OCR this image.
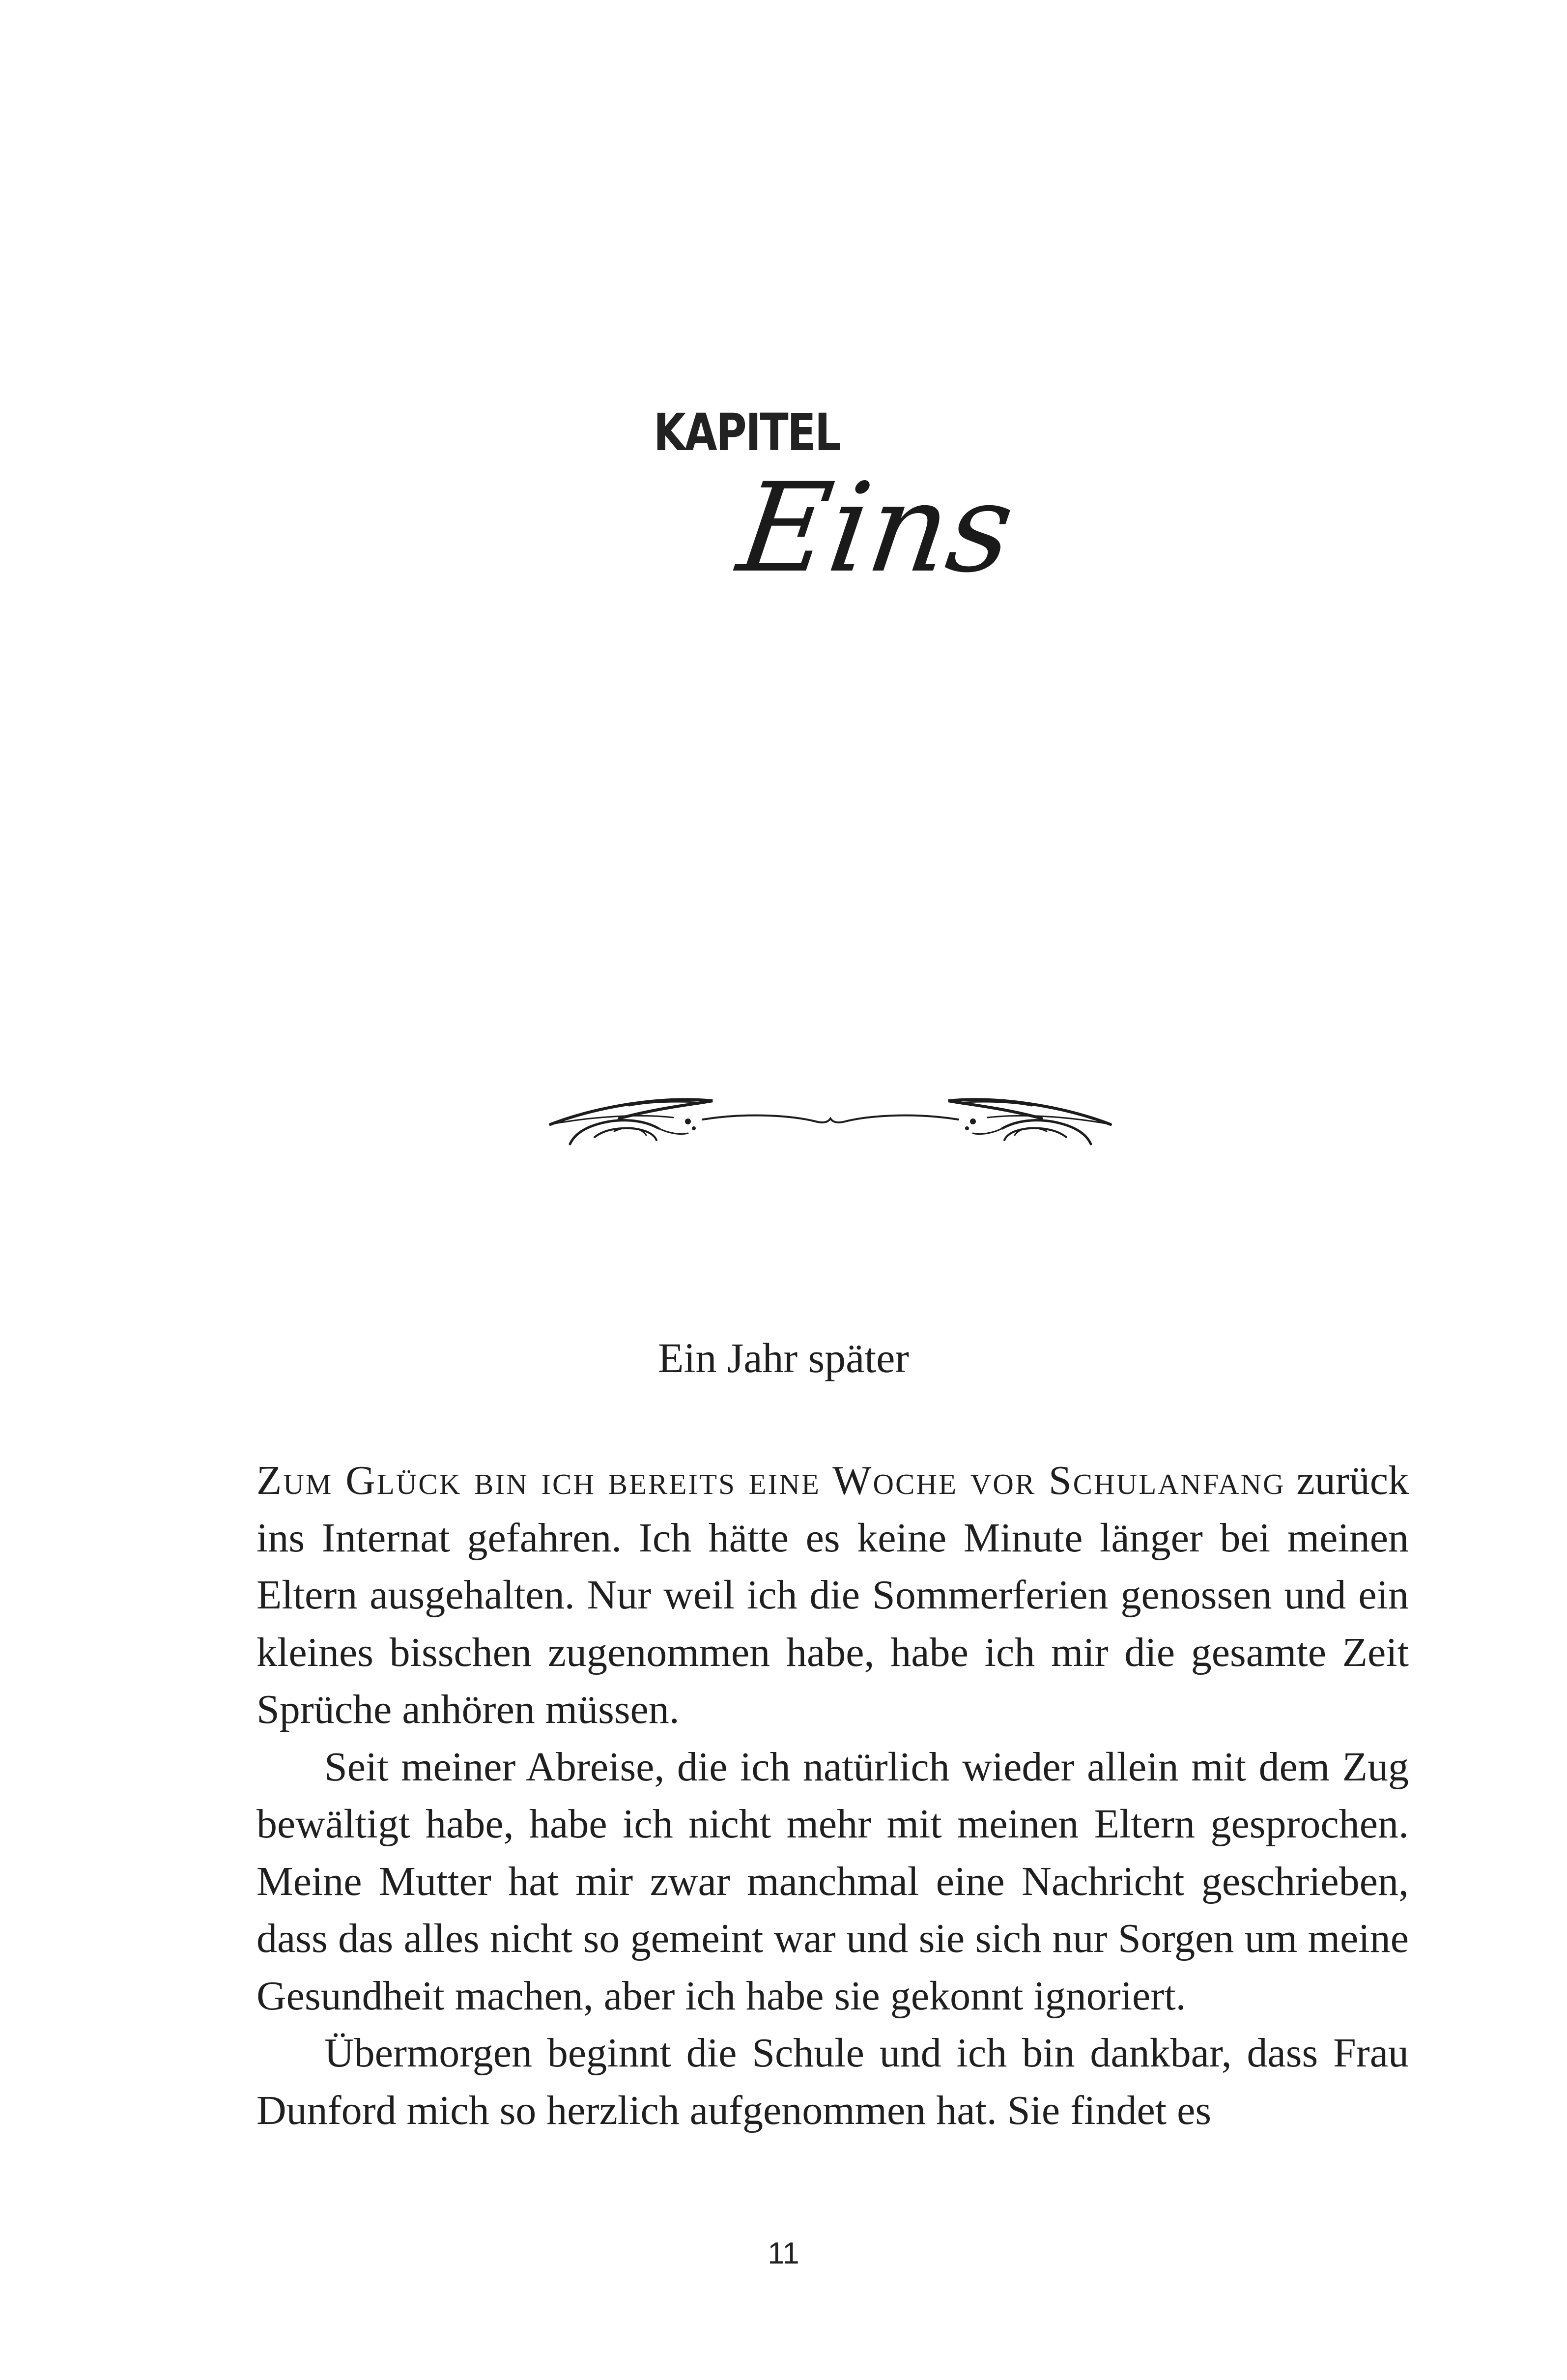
KAPITEL
Eins
Ein Jahr später

Zum Glück bin ich bereits eine Woche vor Schulanfang zurück ins Internat gefahren. Ich hätte es keine Minute länger bei meinen Eltern ausgehalten. Nur weil ich die Sommerferien genossen und ein kleines bisschen zugenommen habe, habe ich mir die gesamte Zeit Sprüche anhören müssen.

Seit meiner Abreise, die ich natürlich wieder allein mit dem Zug bewältigt habe, habe ich nicht mehr mit meinen Eltern gesprochen. Meine Mutter hat mir zwar manchmal eine Nachricht geschrieben, dass das alles nicht so gemeint war und sie sich nur Sorgen um meine Gesundheit machen, aber ich habe sie gekonnt ignoriert.

Übermorgen beginnt die Schule und ich bin dankbar, dass Frau Dunford mich so herzlich aufgenommen hat. Sie findet es

11
